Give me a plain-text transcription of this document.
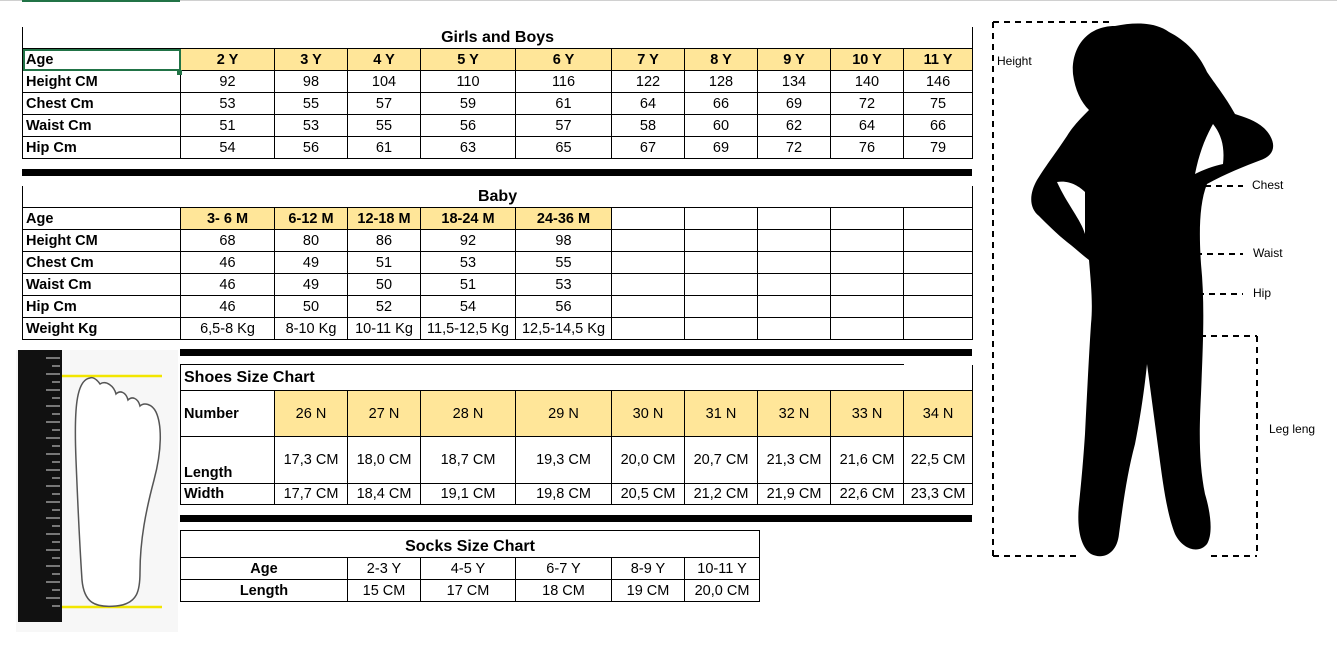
Girls and Boys										
Age	2 Y	3 Y	4 Y	5 Y	6 Y	7 Y	8 Y	9 Y	10 Y	11 Y
Height CM	92	98	104	110	116	122	128	134	140	146
Chest Cm	53	55	57	59	61	64	66	69	72	75
Waist Cm	51	53	55	56	57	58	60	62	64	66
Hip Cm	54	56	61	63	65	67	69	72	76	79
Baby										
Age	3- 6 M	6-12 M	12-18 M	18-24 M	24-36 M					
Height CM	68	80	86	92	98					
Chest Cm	46	49	51	53	55					
Waist Cm	46	49	50	51	53					
Hip Cm	46	50	52	54	56					
Weight Kg	6,5-8 Kg	8-10 Kg	10-11 Kg	11,5-12,5 Kg	12,5-14,5 Kg					
Shoes Size Chart									
Number	26 N	27 N	28 N	29 N	30 N	31 N	32 N	33 N	34 N
Length	17,3 CM	18,0 CM	18,7 CM	19,3 CM	20,0 CM	20,7 CM	21,3 CM	21,6 CM	22,5 CM
Width	17,7 CM	18,4 CM	19,1 CM	19,8 CM	20,5 CM	21,2 CM	21,9 CM	22,6 CM	23,3 CM
Socks Size Chart					
Age	2-3 Y	4-5 Y	6-7 Y	8-9 Y	10-11 Y
Length	15 CM	17 CM	18 CM	19 CM	20,0 CM
Height
Chest
Waist
Hip
Leg leng
